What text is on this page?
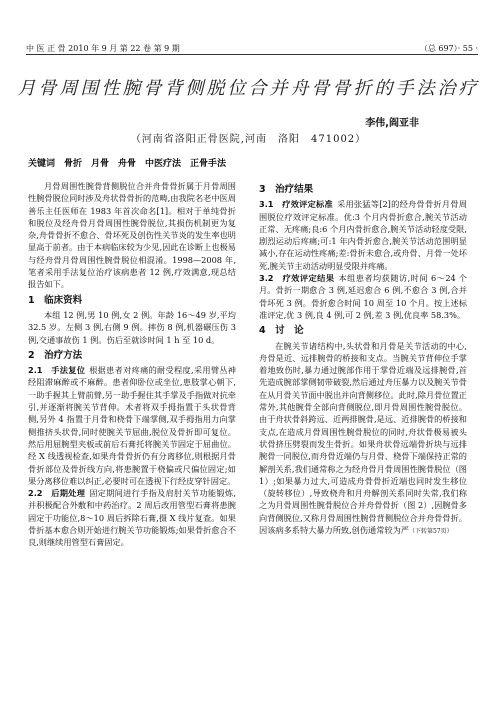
中 医 正 骨 2010 年 9 月 第 22 卷 第 9 期	（总 697）· 55 ·
月骨周围性腕骨背侧脱位合并舟骨骨折的手法治疗
李伟,阎亚非
（河南省洛阳正骨医院,河南　洛阳　471002）
关键词　骨折　月骨　舟骨　中医疗法　正骨手法

月骨周围性腕骨背侧脱位合并舟骨骨折属于月骨周围性腕骨脱位同时涉及舟状骨骨折的范畴,由我院名老中医周善乐主任医师在 1983 年首次命名[1]。相对于单纯骨折和脱位及经舟骨月骨周围性腕骨脱位,其损伤机制更为复杂,舟骨骨折不愈合、骨坏死及创伤性关节炎的发生率也明显高于前者。由于本病临床较为少见,因此在诊断上也极易与经舟骨月骨周围性腕骨脱位相混淆。1998—2008 年,笔者采用手法复位治疗该病患者 12 例,疗效满意,现总结报告如下。

1　临床资料

本组 12 例,男 10 例,女 2 例。年龄 16～49 岁,平均 32.5 岁。左侧 3 例,右侧 9 例。摔伤 8 例,机器碾压伤 3 例,交通事故伤 1 例。伤后至就诊时间 1 h 至 10 d。

2　治疗方法

2.1　手法复位 根据患者对疼痛的耐受程度,采用臂丛神经阻滞麻醉或不麻醉。患者仰卧位或坐位,患肢掌心朝下,一助手握其上臂前臂,另一助手握住其手掌及手指做对抗牵引,并逐渐将腕关节背伸。术者将双手拇指置于头状骨背侧,另外 4 指置于月骨和桡骨下端掌侧,双手拇指用力向掌侧推挤头状骨,同时使腕关节屈曲,脱位及骨折即可复位。然后用屈腕型夹板或前后石膏托将腕关节固定于屈曲位。经 X 线透视检查,如果舟骨骨折仍有分离移位,则根据月骨骨折部位及骨折线方向,将患腕置于桡偏或尺偏位固定;如果分离移位难以纠正,必要时可在透视下行经皮穿针固定。

2.2　后期处理 固定期间进行手指及肩肘关节功能锻炼,并积极配合外敷和中药治疗。2 周后改用管型石膏将患腕固定于功能位,8～10 周后拆除石膏,摄 X 线片复查。如果骨折基本愈合则开始进行腕关节功能锻炼;如果骨折愈合不良,则继续用管型石膏固定。

3　治疗结果

3.1　疗效评定标准 采用张猛等[2]的经舟骨骨折月骨周围脱位疗效评定标准。优:3 个月内骨折愈合,腕关节活动正常、无疼痛;良:6 个月内骨折愈合,腕关节活动轻度受限,剧烈运动后疼痛;可:1 年内骨折愈合,腕关节活动范围明显减小,存在运动性疼痛;差:骨折未愈合,或舟骨、月骨一处坏死,腕关节主动活动明显受限并疼痛。

3.2　疗效评定结果 本组患者均获随访,时间 6～24 个月。骨折一期愈合 3 例,延迟愈合 6 例,不愈合 3 例,合并骨坏死 3 例。骨折愈合时间 10 周至 10 个月。按上述标准评定,优 3 例,良 4 例,可 2 例,差 3 例,优良率 58.3%。

4　讨　论

在腕关节诸结构中,头状骨和月骨是关节活动的中心,舟骨是近、远排腕骨的桥接和支点。当腕关节背伸位手掌着地致伤时,暴力通过腕部作用于掌骨近端及远排腕骨,首先造成腕部掌侧韧带破裂,然后通过舟压暴力以及腕关节骨在从月骨关节面中脱出并向背侧移位。此时,除月骨位置正常外,其他腕骨全部向背侧脱位,即月骨周围性腕骨脱位。由于舟状骨斜跨远、近两排腕骨,是远、近排腕骨的桥接和支点,在造成月骨周围性腕骨脱位的同时,舟状骨极易被头状骨挤压劈裂而发生骨折。如果舟状骨远端骨折块与远排腕骨一同脱位,而舟骨近端仍与月骨、桡骨下端保持正常的解剖关系,我们通常称之为经舟骨月骨周围性腕骨脱位（图 1）;如果暴力过大,可造成舟骨骨折近端也同时发生移位（旋转移位）,导致桡舟和月舟解剖关系同时失常,我们称之为月骨周围性腕骨脱位合并舟骨骨折（图 2）,因腕骨多向背侧脱位,又称月骨周围性腕骨背侧脱位合并舟骨骨折。因该病多系特大暴力所致,创伤通常较为严（下转第57页）
